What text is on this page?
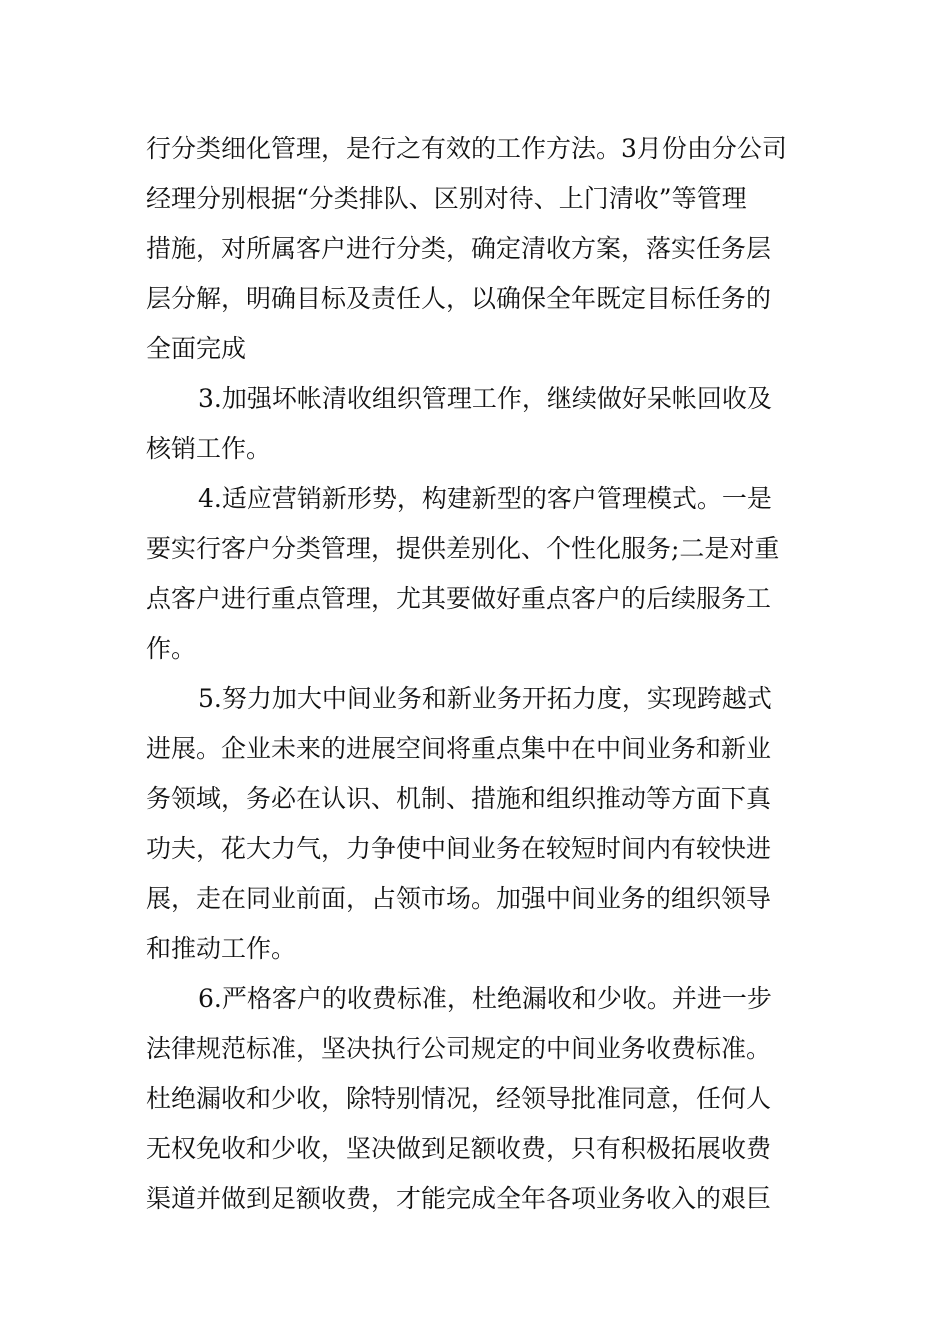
行分类细化管理，是行之有效的工作方法。3月份由分公司

经理分别根据“分类排队、区别对待、上门清收”等管理

措施，对所属客户进行分类，确定清收方案，落实任务层

层分解，明确目标及责任人，以确保全年既定目标任务的

全面完成

3.加强坏帐清收组织管理工作，继续做好呆帐回收及

核销工作。

4.适应营销新形势，构建新型的客户管理模式。一是

要实行客户分类管理，提供差别化、个性化服务;二是对重

点客户进行重点管理，尤其要做好重点客户的后续服务工

作。

5.努力加大中间业务和新业务开拓力度，实现跨越式

进展。企业未来的进展空间将重点集中在中间业务和新业

务领域，务必在认识、机制、措施和组织推动等方面下真

功夫，花大力气，力争使中间业务在较短时间内有较快进

展，走在同业前面，占领市场。加强中间业务的组织领导

和推动工作。

6.严格客户的收费标准，杜绝漏收和少收。并进一步

法律规范标准，坚决执行公司规定的中间业务收费标准。

杜绝漏收和少收，除特别情况，经领导批准同意，任何人

无权免收和少收，坚决做到足额收费，只有积极拓展收费

渠道并做到足额收费，才能完成全年各项业务收入的艰巨
